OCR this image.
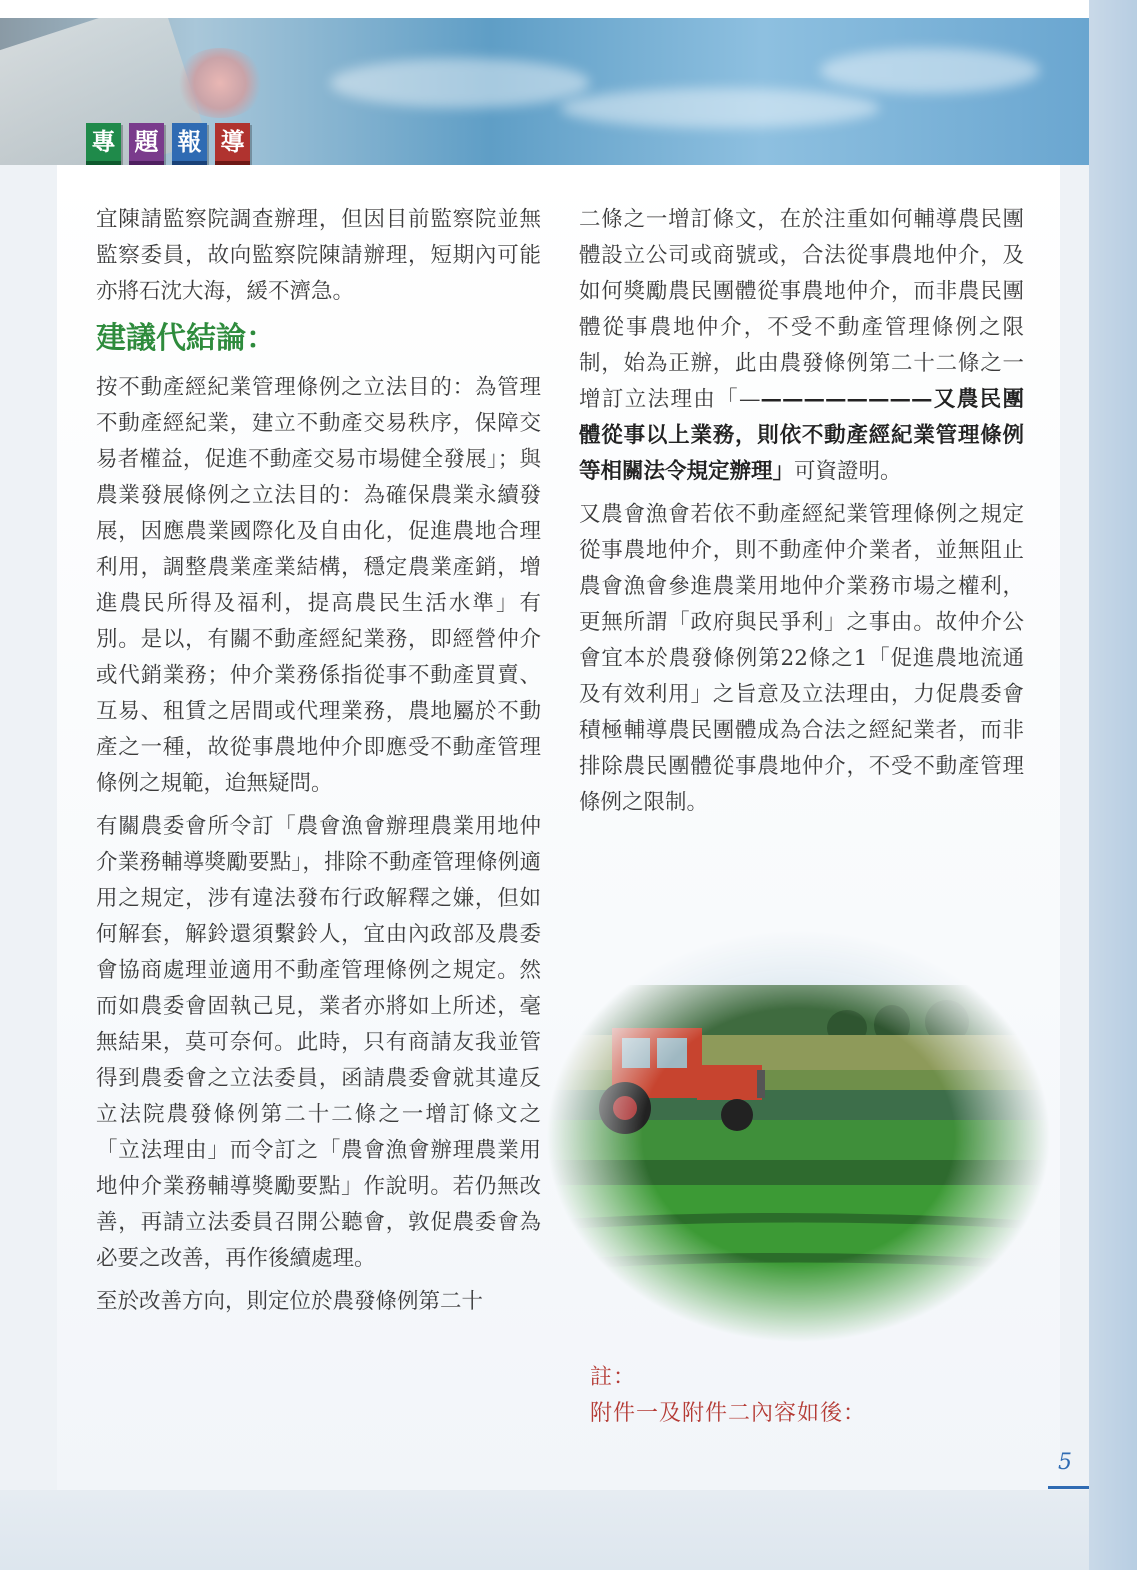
專 題 報 導

宜陳請監察院調查辦理，但因目前監察院並無監察委員，故向監察院陳請辦理，短期內可能亦將石沈大海，緩不濟急。

建議代結論：

按不動產經紀業管理條例之立法目的：為管理不動產經紀業，建立不動產交易秩序，保障交易者權益，促進不動產交易市場健全發展」；與農業發展條例之立法目的：為確保農業永續發展，因應農業國際化及自由化，促進農地合理利用，調整農業產業結構，穩定農業產銷，增進農民所得及福利，提高農民生活水準」有別。是以，有關不動產經紀業務，即經營仲介或代銷業務；仲介業務係指從事不動產買賣、互易、租賃之居間或代理業務，農地屬於不動產之一種，故從事農地仲介即應受不動產管理條例之規範，迨無疑問。

有關農委會所令訂「農會漁會辦理農業用地仲介業務輔導獎勵要點」，排除不動產管理條例適用之規定，涉有違法發布行政解釋之嫌，但如何解套，解鈴還須繫鈴人，宜由內政部及農委會協商處理並適用不動產管理條例之規定。然而如農委會固執己見，業者亦將如上所述，毫無結果，莫可奈何。此時，只有商請友我並管得到農委會之立法委員，函請農委會就其違反立法院農發條例第二十二條之一增訂條文之「立法理由」而令訂之「農會漁會辦理農業用地仲介業務輔導獎勵要點」作說明。若仍無改善，再請立法委員召開公聽會，敦促農委會為必要之改善，再作後續處理。

至於改善方向，則定位於農發條例第二十

二條之一增訂條文，在於注重如何輔導農民團體設立公司或商號或，合法從事農地仲介，及如何獎勵農民團體從事農地仲介，而非農民團體從事農地仲介，不受不動產管理條例之限制，始為正辦，此由農發條例第二十二條之一增訂立法理由「—————————又農民團體從事以上業務，則依不動產經紀業管理條例等相關法令規定辦理」可資證明。

又農會漁會若依不動產經紀業管理條例之規定從事農地仲介，則不動產仲介業者，並無阻止農會漁會參進農業用地仲介業務市場之權利，更無所謂「政府與民爭利」之事由。故仲介公會宜本於農發條例第22條之1「促進農地流通及有效利用」之旨意及立法理由，力促農委會積極輔導農民團體成為合法之經紀業者，而非排除農民團體從事農地仲介，不受不動產管理條例之限制。

註：
附件一及附件二內容如後：
5
